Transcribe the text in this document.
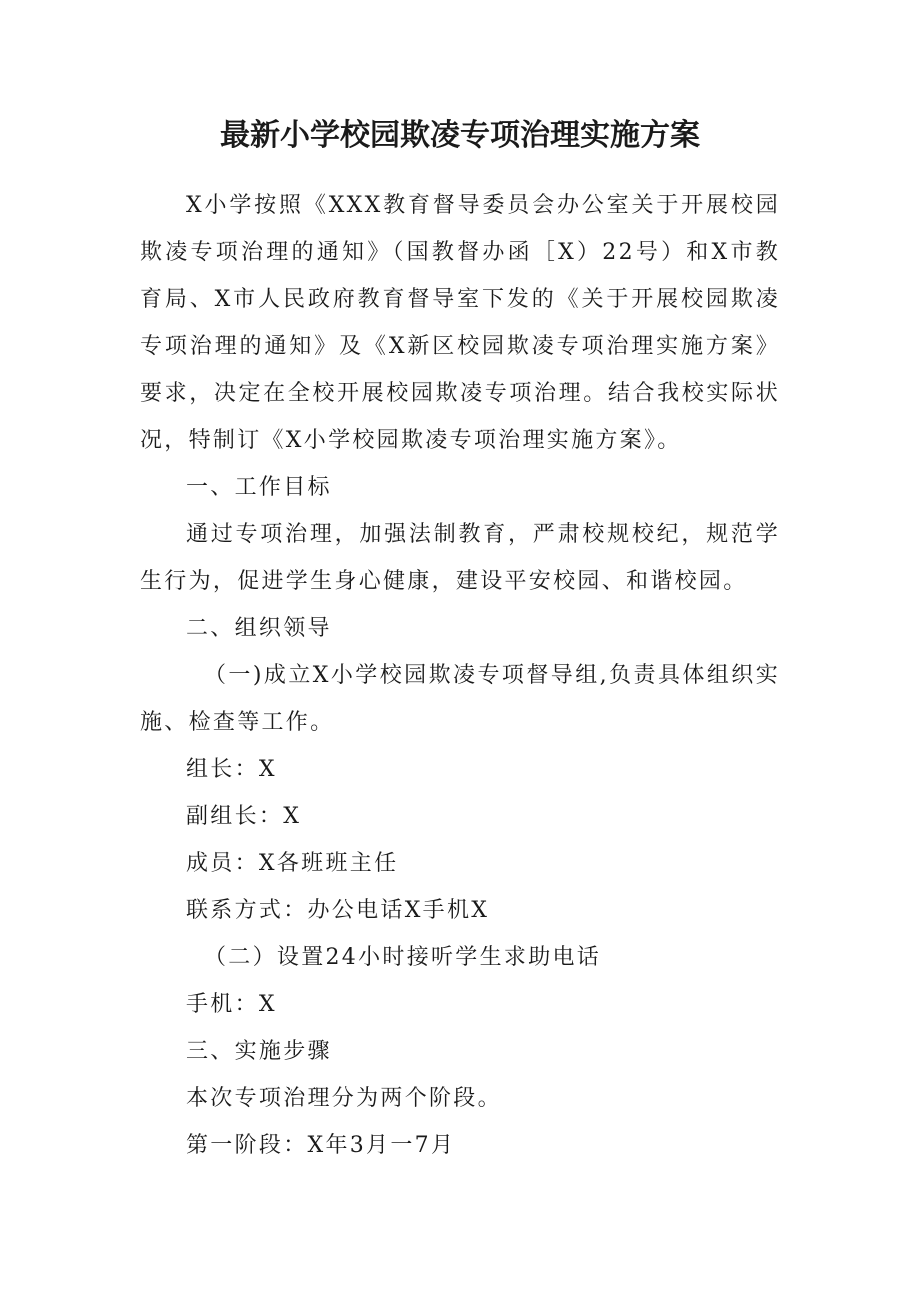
最新小学校园欺凌专项治理实施方案

X小学按照《XXX教育督导委员会办公室关于开展校园欺凌专项治理的通知》（国教督办函［X）22号）和X市教育局、X市人民政府教育督导室下发的《关于开展校园欺凌专项治理的通知》及《X新区校园欺凌专项治理实施方案》要求，决定在全校开展校园欺凌专项治理。结合我校实际状况，特制订《X小学校园欺凌专项治理实施方案》。

一、工作目标

通过专项治理，加强法制教育，严肃校规校纪，规范学生行为，促进学生身心健康，建设平安校园、和谐校园。

二、组织领导

（一)成立X小学校园欺凌专项督导组,负责具体组织实施、检查等工作。

组长：X

副组长：X

成员：X各班班主任

联系方式：办公电话X手机X

（二）设置24小时接听学生求助电话

手机：X

三、实施步骤

本次专项治理分为两个阶段。

第一阶段：X年3月一7月
